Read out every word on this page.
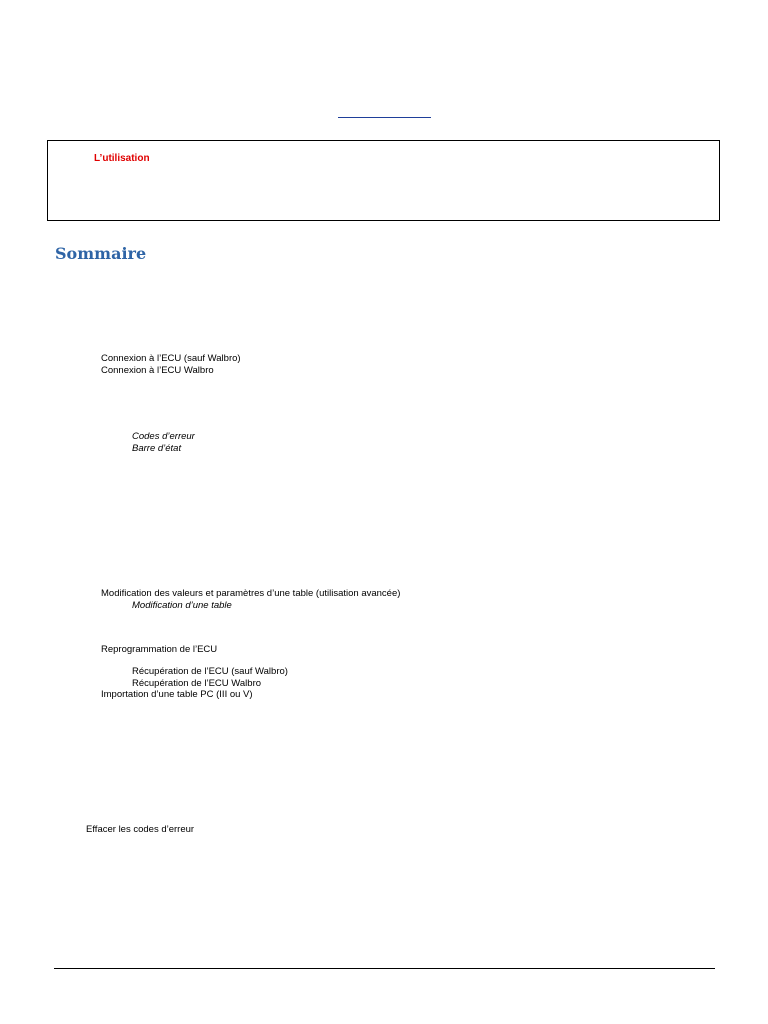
L’utilisation
Sommaire
Connexion à l’ECU (sauf Walbro)
Connexion à l’ECU Walbro
Codes d’erreur
Barre d’état
Modification des valeurs et paramètres d’une table (utilisation avancée)
Modification d’une table
Reprogrammation de l’ECU
Récupération de l’ECU (sauf Walbro)
Récupération de l’ECU Walbro
Importation d’une table PC (III ou V)
Effacer les codes d’erreur
